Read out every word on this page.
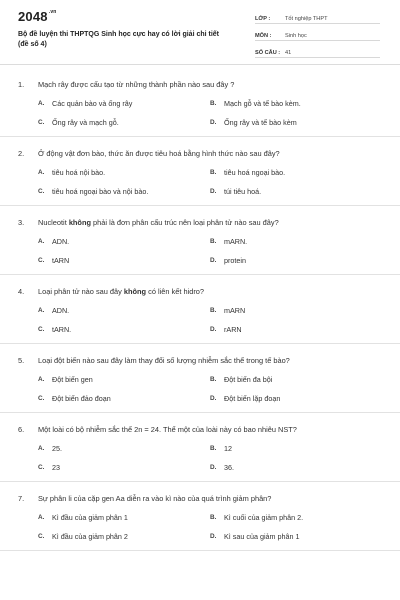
$2048^{.vn}$
Bộ đề luyện thi THPTQG Sinh học cực hay có lời giải chi tiết (đề số 4)
LỚP :	Tốt nghiệp THPT
MÔN :	Sinh học
SỐ CÂU : 41
1.	Mạch rây được cấu tạo từ những thành phần nào sau đây ?
A.	Các quản bào và ống rây	B.	Mạch gỗ và tế bào kèm.
C.	Ống rây và mạch gỗ.	D.	Ống rây và tế bào kèm
2.	Ở động vật đơn bào, thức ăn được tiêu hoá bằng hình thức nào sau đây?
A.	tiêu hoá nội bào.	B.	tiêu hoá ngoại bào.
C.	tiêu hoá ngoại bào và nội bào.	D.	túi tiêu hoá.
3.	Nucleotit không phải là đơn phân cấu trúc nên loại phân tử nào sau đây?
A.	ADN.	B.	mARN.
C.	tARN	D.	protein
4.	Loại phân tử nào sau đây không có liên kết hidro?
A.	ADN.	B.	mARN
C.	tARN.	D.	rARN
5.	Loại đột biến nào sau đây làm thay đổi số lượng nhiễm sắc thể trong tế bào?
A.	Đột biến gen	B.	Đột biến đa bội
C.	Đột biến đảo đoạn	D.	Đột biến lặp đoạn
6.	Một loài có bộ nhiễm sắc thể 2n = 24. Thể một của loài này có bao nhiêu NST?
A.	25.	B.	12
C.	23	D.	36.
7.	Sự phân li của cặp gen Aa diễn ra vào kì nào của quá trình giảm phân?
A.	Kì đầu của giảm phân 1	B.	Kì cuối của giảm phân 2.
C.	Kì đầu của giảm phân 2	D.	Kì sau của giảm phân 1
